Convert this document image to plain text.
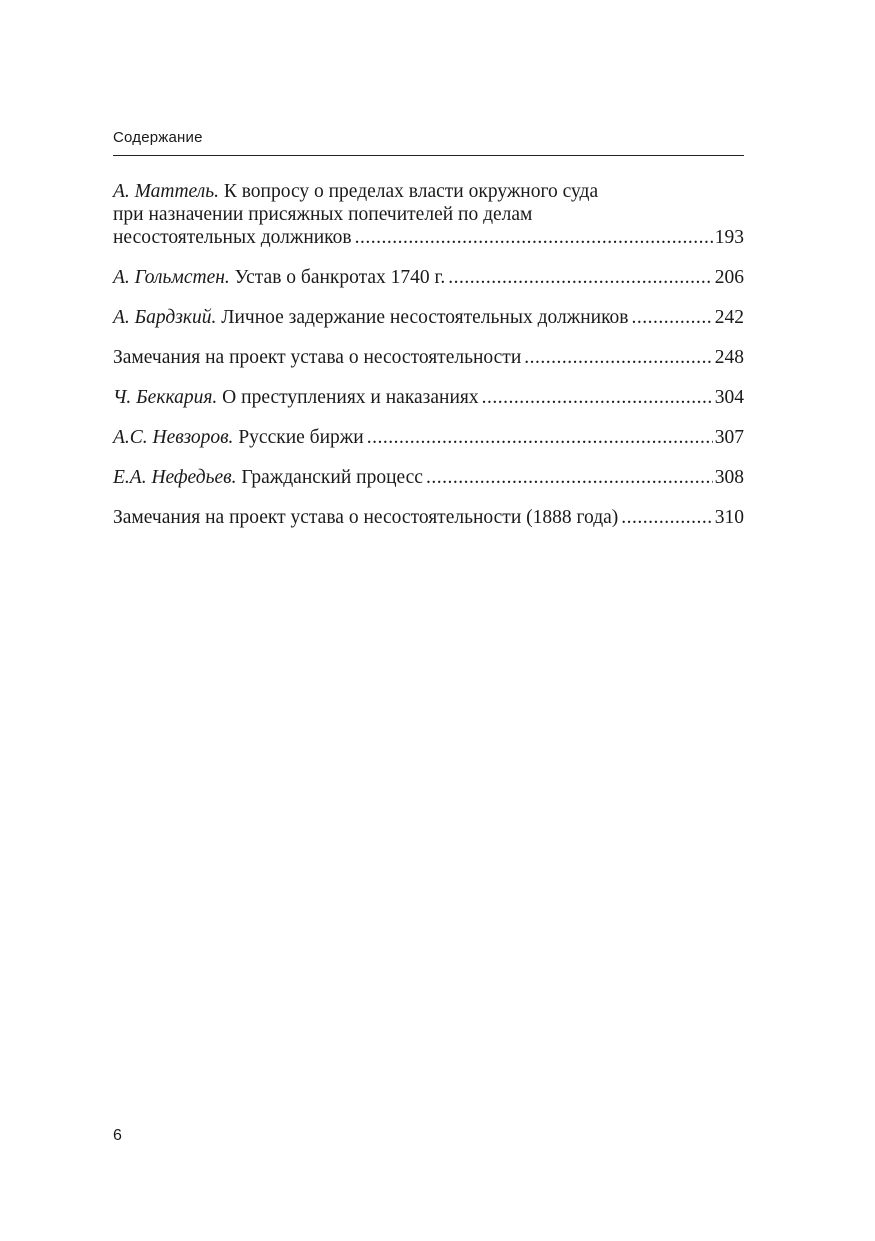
Содержание
А. Маттель. К вопросу о пределах власти окружного суда
при назначении присяжных попечителей по делам
несостоятельных должников .....	193
А. Гольмстен. Устав о банкротах 1740 г. .....	206
А. Бардзкий. Личное задержание несостоятельных должников .....	242
Замечания на проект устава о несостоятельности .....	248
Ч. Беккария. О преступлениях и наказаниях .....	304
А.С. Невзоров. Русские биржи .....	307
Е.А. Нефедьев. Гражданский процесс .....	308
Замечания на проект устава о несостоятельности (1888 года) .....	310
6
